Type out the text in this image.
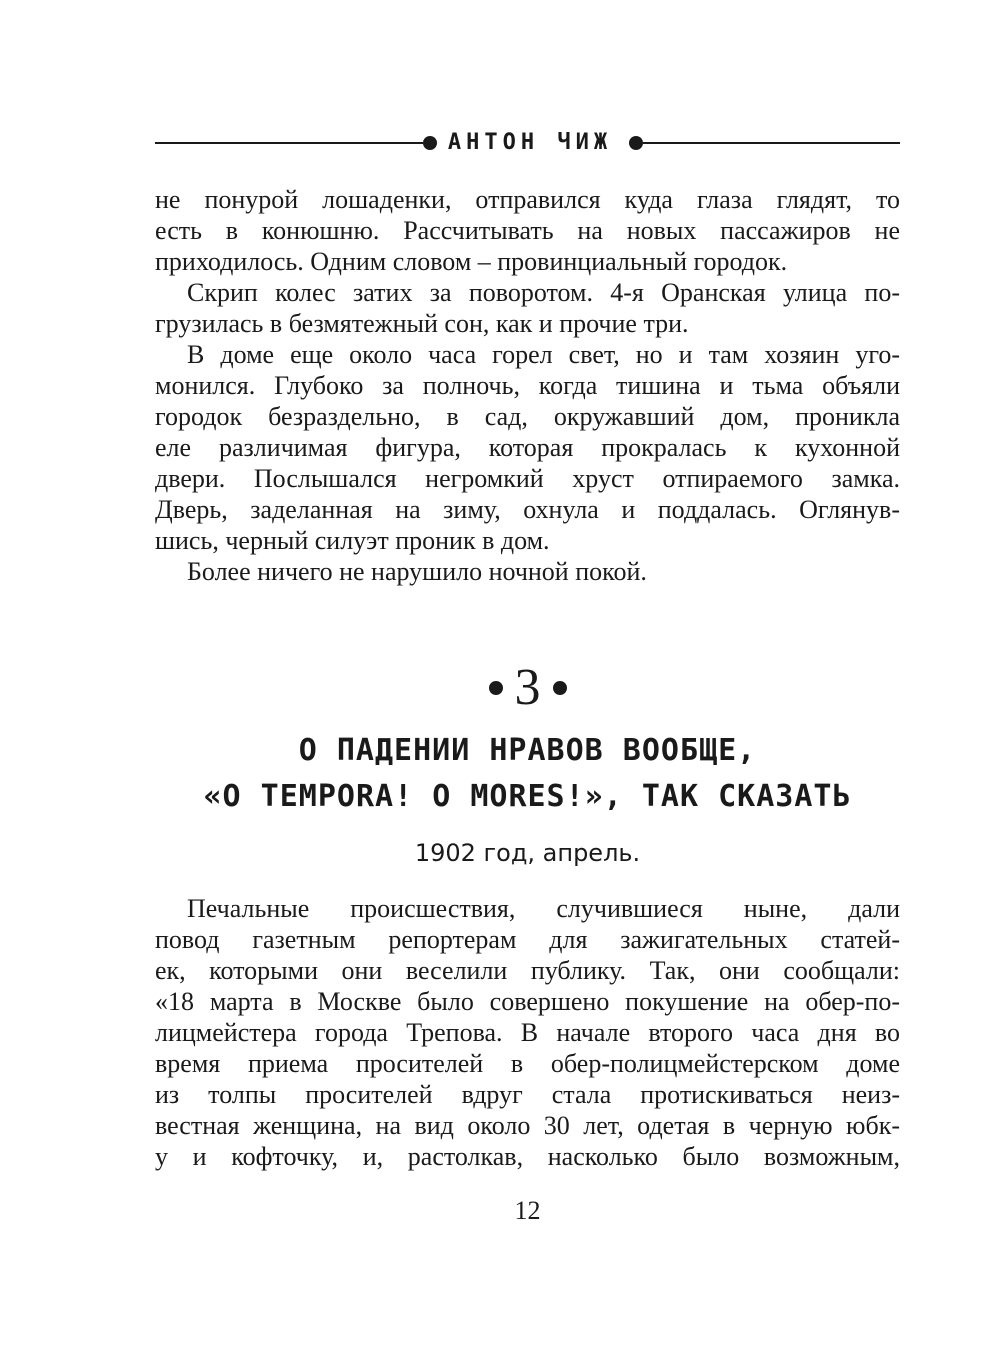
АНТОН ЧИЖ
не понурой лошаденки, отправился куда глаза глядят, то
есть в конюшню. Рассчитывать на новых пассажиров не
приходилось. Одним словом – провинциальный городок.
Скрип колес затих за поворотом. 4-я Оранская улица по-
грузилась в безмятежный сон, как и прочие три.
В доме еще около часа горел свет, но и там хозяин уго-
монился. Глубоко за полночь, когда тишина и тьма объяли
городок безраздельно, в сад, окружавший дом, проникла
еле различимая фигура, которая прокралась к кухонной
двери. Послышался негромкий хруст отпираемого замка.
Дверь, заделанная на зиму, охнула и поддалась. Оглянув-
шись, черный силуэт проник в дом.
Более ничего не нарушило ночной покой.
3
О ПАДЕНИИ НРАВОВ ВООБЩЕ,
«O TEMPORA! O MORES!», ТАК СКАЗАТЬ
1902 год, апрель.
Печальные происшествия, случившиеся ныне, дали
повод газетным репортерам для зажигательных статей-
ек, которыми они веселили публику. Так, они сообщали:
«18 марта в Москве было совершено покушение на обер-по-
лицмейстера города Трепова. В начале второго часа дня во
время приема просителей в обер-полицмейстерском доме
из толпы просителей вдруг стала протискиваться неиз-
вестная женщина, на вид около 30 лет, одетая в черную юбк-
у и кофточку, и, растолкав, насколько было возможным,
12
